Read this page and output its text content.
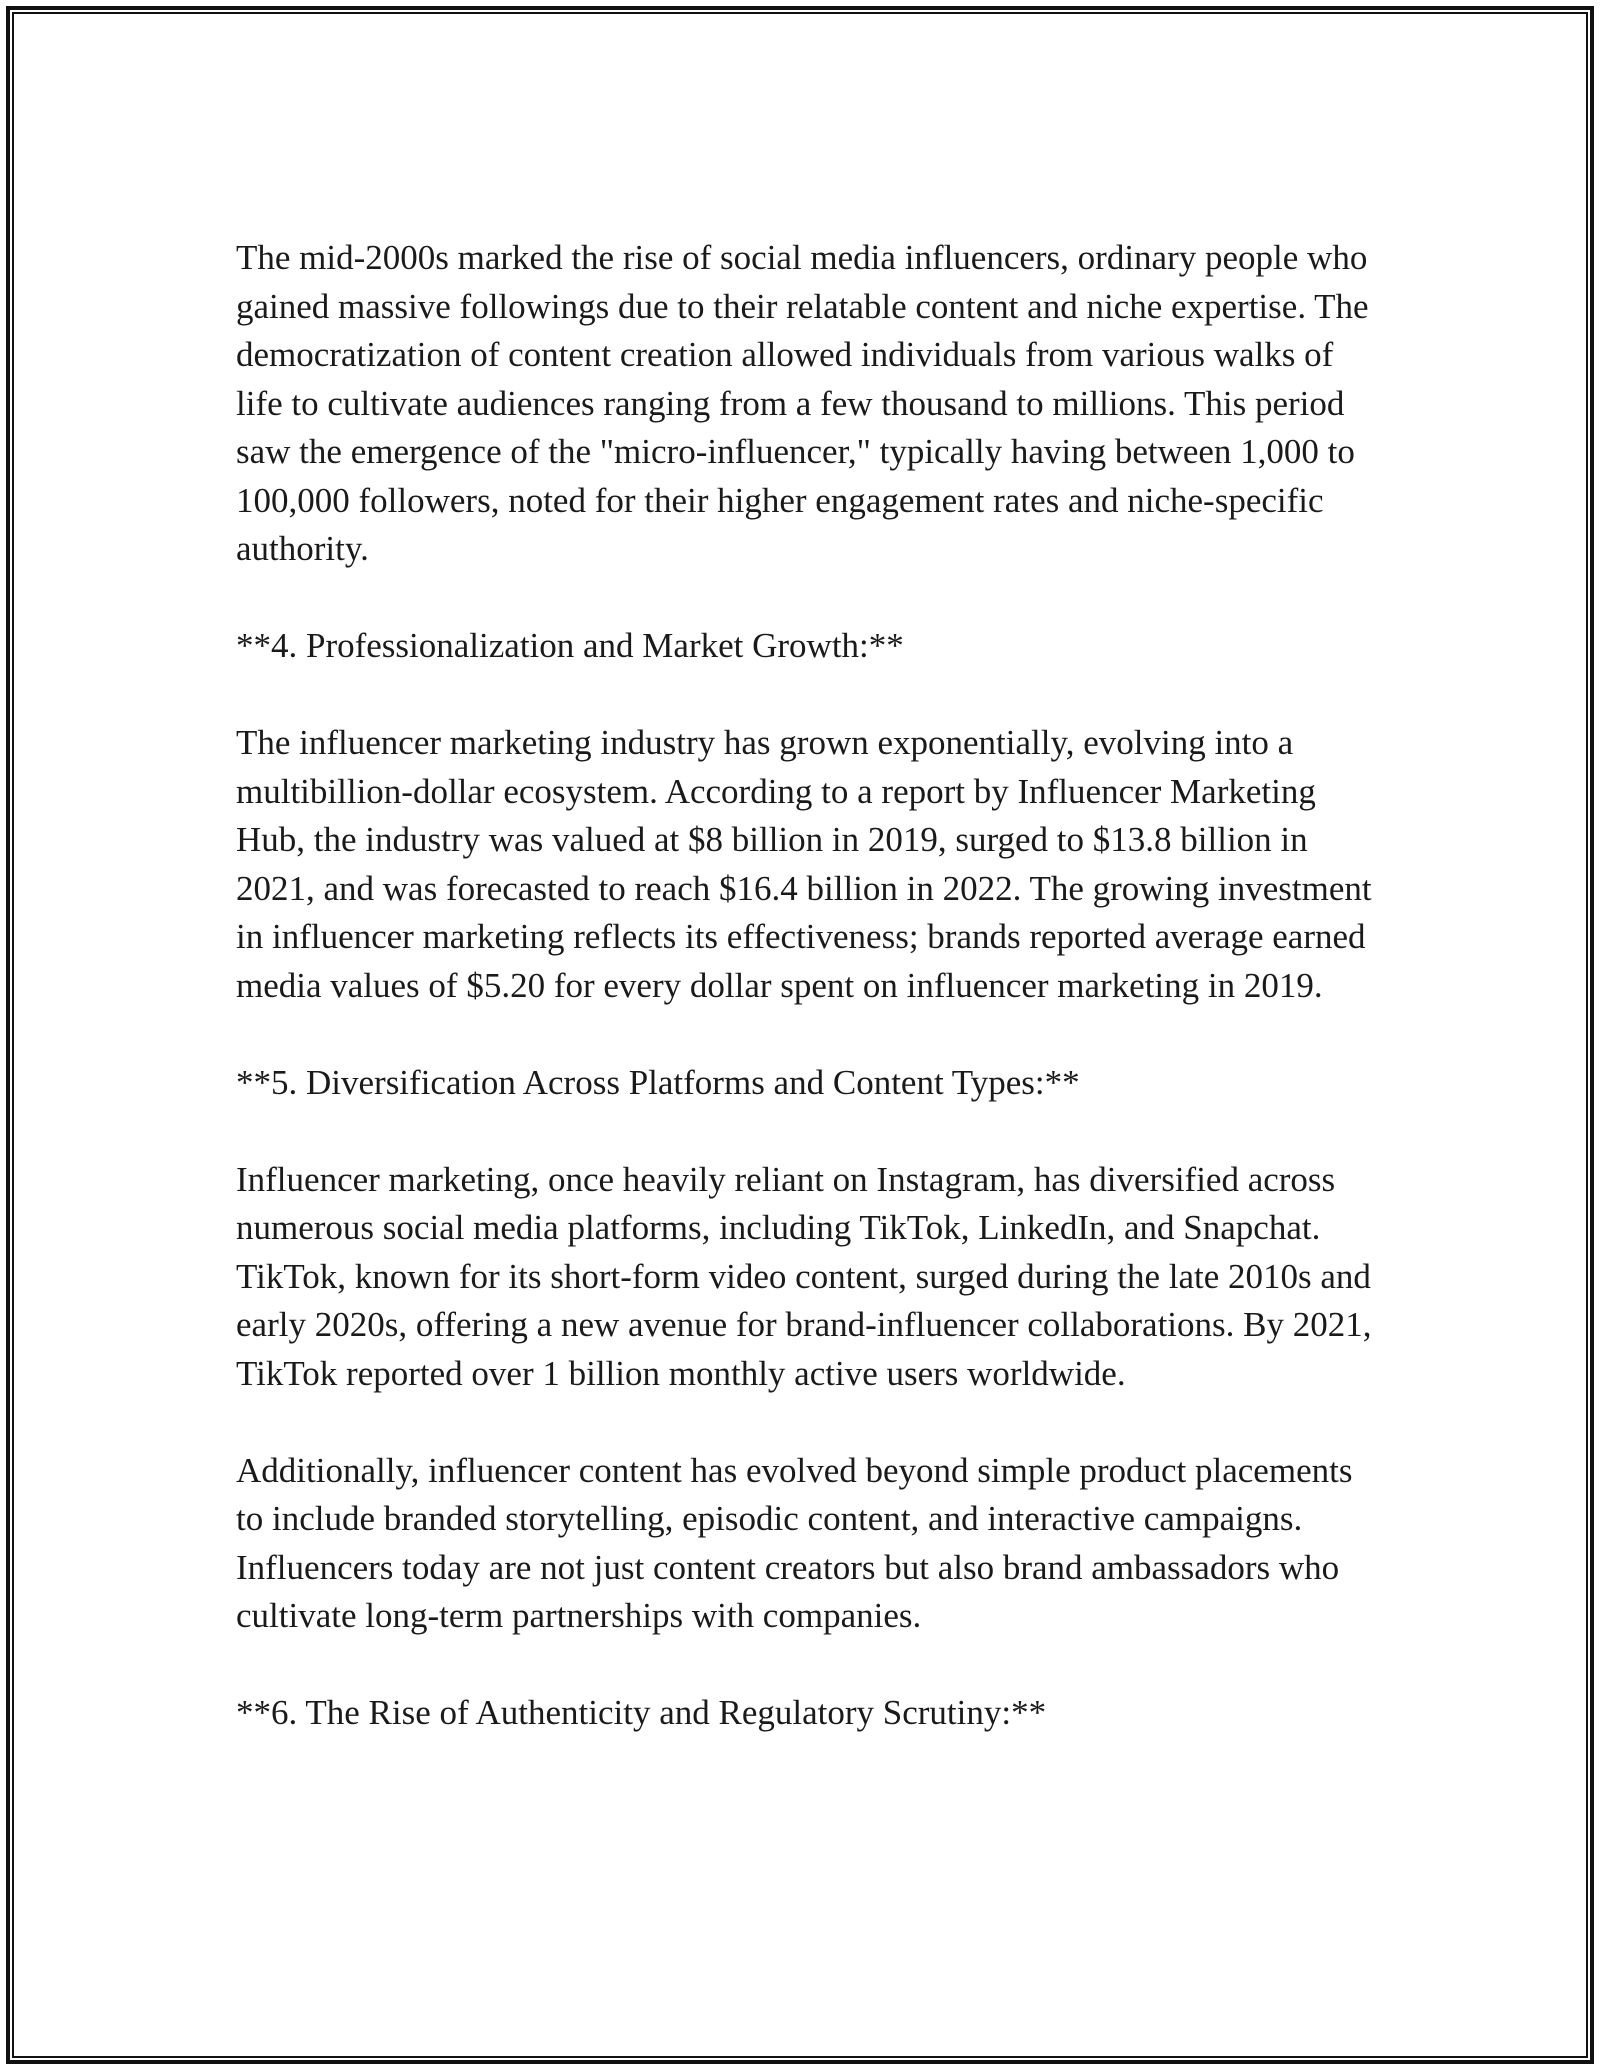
The mid-2000s marked the rise of social media influencers, ordinary people who gained massive followings due to their relatable content and niche expertise. The democratization of content creation allowed individuals from various walks of life to cultivate audiences ranging from a few thousand to millions. This period saw the emergence of the "micro-influencer," typically having between 1,000 to 100,000 followers, noted for their higher engagement rates and niche-specific authority.

**4. Professionalization and Market Growth:**

The influencer marketing industry has grown exponentially, evolving into a multibillion-dollar ecosystem. According to a report by Influencer Marketing Hub, the industry was valued at $8 billion in 2019, surged to $13.8 billion in 2021, and was forecasted to reach $16.4 billion in 2022. The growing investment in influencer marketing reflects its effectiveness; brands reported average earned media values of $5.20 for every dollar spent on influencer marketing in 2019.

**5. Diversification Across Platforms and Content Types:**

Influencer marketing, once heavily reliant on Instagram, has diversified across numerous social media platforms, including TikTok, LinkedIn, and Snapchat. TikTok, known for its short-form video content, surged during the late 2010s and early 2020s, offering a new avenue for brand-influencer collaborations. By 2021, TikTok reported over 1 billion monthly active users worldwide.

Additionally, influencer content has evolved beyond simple product placements to include branded storytelling, episodic content, and interactive campaigns. Influencers today are not just content creators but also brand ambassadors who cultivate long-term partnerships with companies.

**6. The Rise of Authenticity and Regulatory Scrutiny:**
